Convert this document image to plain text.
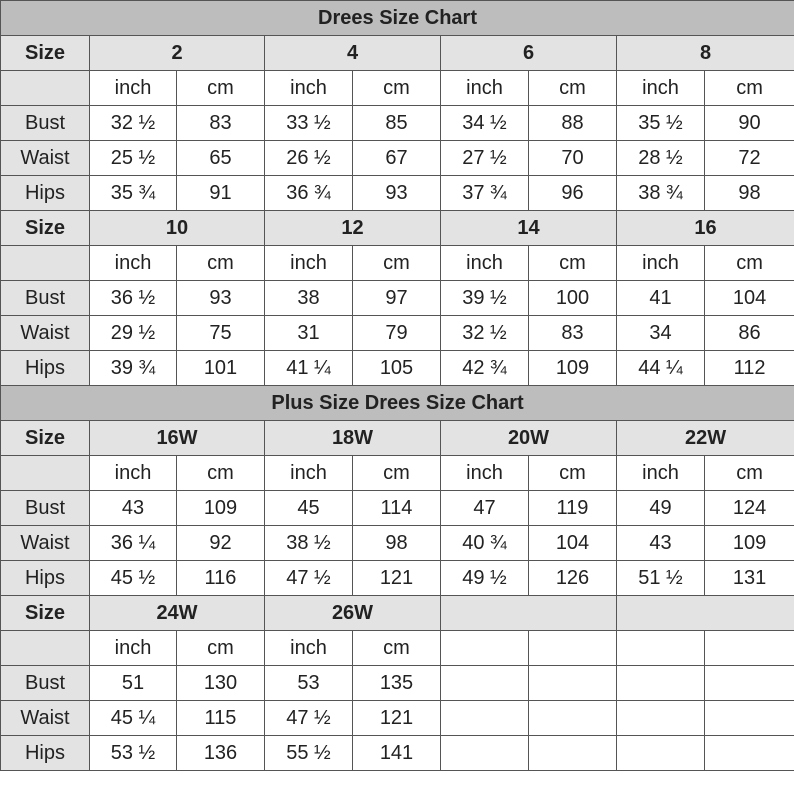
Drees Size Chart								
Size	2		4		6		8	
	inch	cm	inch	cm	inch	cm	inch	cm
Bust	32 ½	83	33 ½	85	34 ½	88	35 ½	90
Waist	25 ½	65	26 ½	67	27 ½	70	28 ½	72
Hips	35 ¾	91	36 ¾	93	37 ¾	96	38 ¾	98
Size	10		12		14		16	
	inch	cm	inch	cm	inch	cm	inch	cm
Bust	36 ½	93	38	97	39 ½	100	41	104
Waist	29 ½	75	31	79	32 ½	83	34	86
Hips	39 ¾	101	41 ¼	105	42 ¾	109	44 ¼	112
Plus Size Drees Size Chart								
Size	16W		18W		20W		22W	
	inch	cm	inch	cm	inch	cm	inch	cm
Bust	43	109	45	114	47	119	49	124
Waist	36 ¼	92	38 ½	98	40 ¾	104	43	109
Hips	45 ½	116	47 ½	121	49 ½	126	51 ½	131
Size	24W		26W					
	inch	cm	inch	cm				
Bust	51	130	53	135				
Waist	45 ¼	115	47 ½	121				
Hips	53 ½	136	55 ½	141				
